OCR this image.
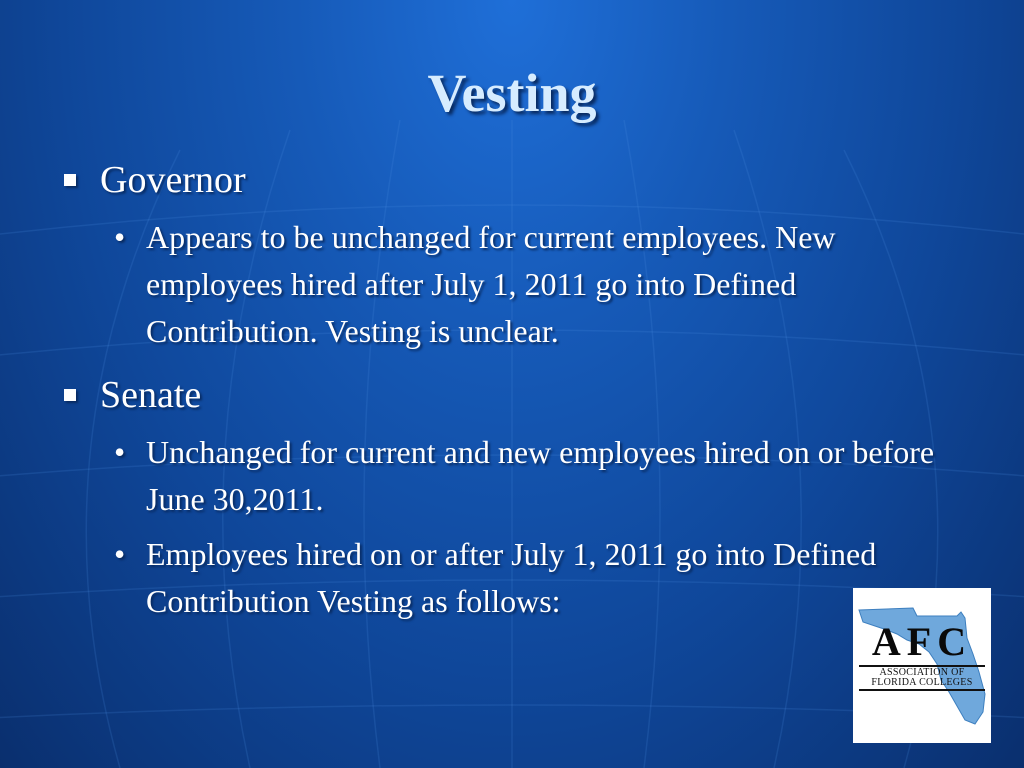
Vesting
Governor
• Appears to be unchanged for current employees. New employees hired after July 1, 2011 go into Defined Contribution. Vesting is unclear.
Senate
• Unchanged for current and new employees hired on or before June 30,2011.
• Employees hired on or after July 1, 2011 go into Defined Contribution Vesting as follows:
AFC
ASSOCIATION OF
FLORIDA COLLEGES
